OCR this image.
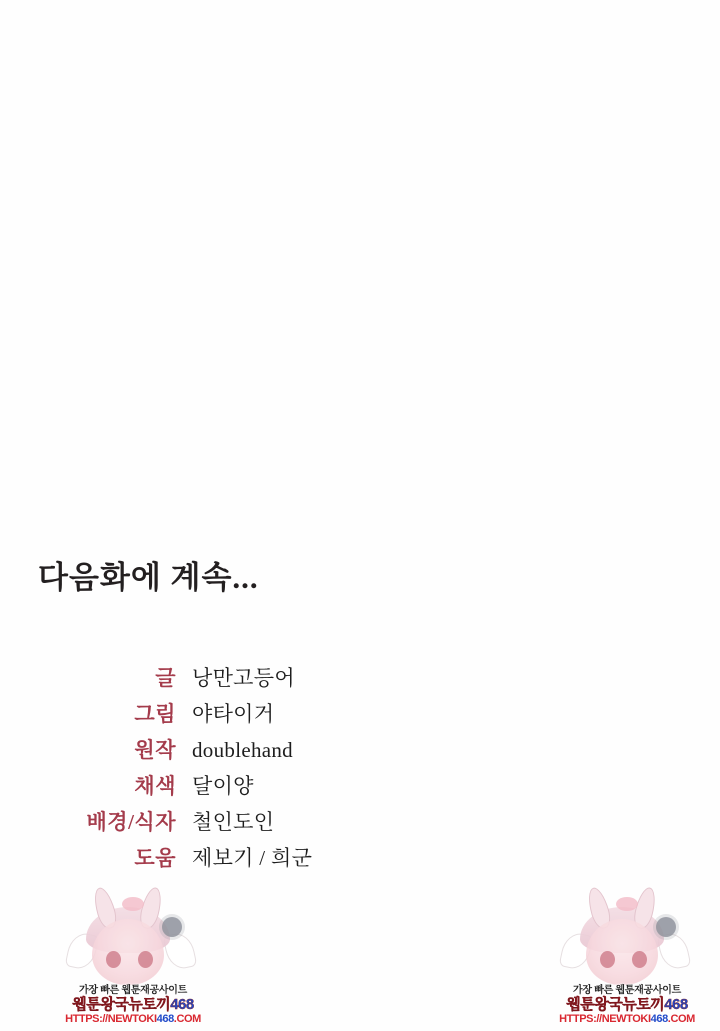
다음화에 계속...
글 낭만고등어
그림 야타이거
원작 doublehand
채색 달이양
배경/식자 철인도인
도움 제보기 / 희군
가장 빠른 웹툰재공사이트
웹툰왕국뉴토끼468
HTTPS://NEWTOKI468.COM
가장 빠른 웹툰재공사이트
웹툰왕국뉴토끼468
HTTPS://NEWTOKI468.COM
